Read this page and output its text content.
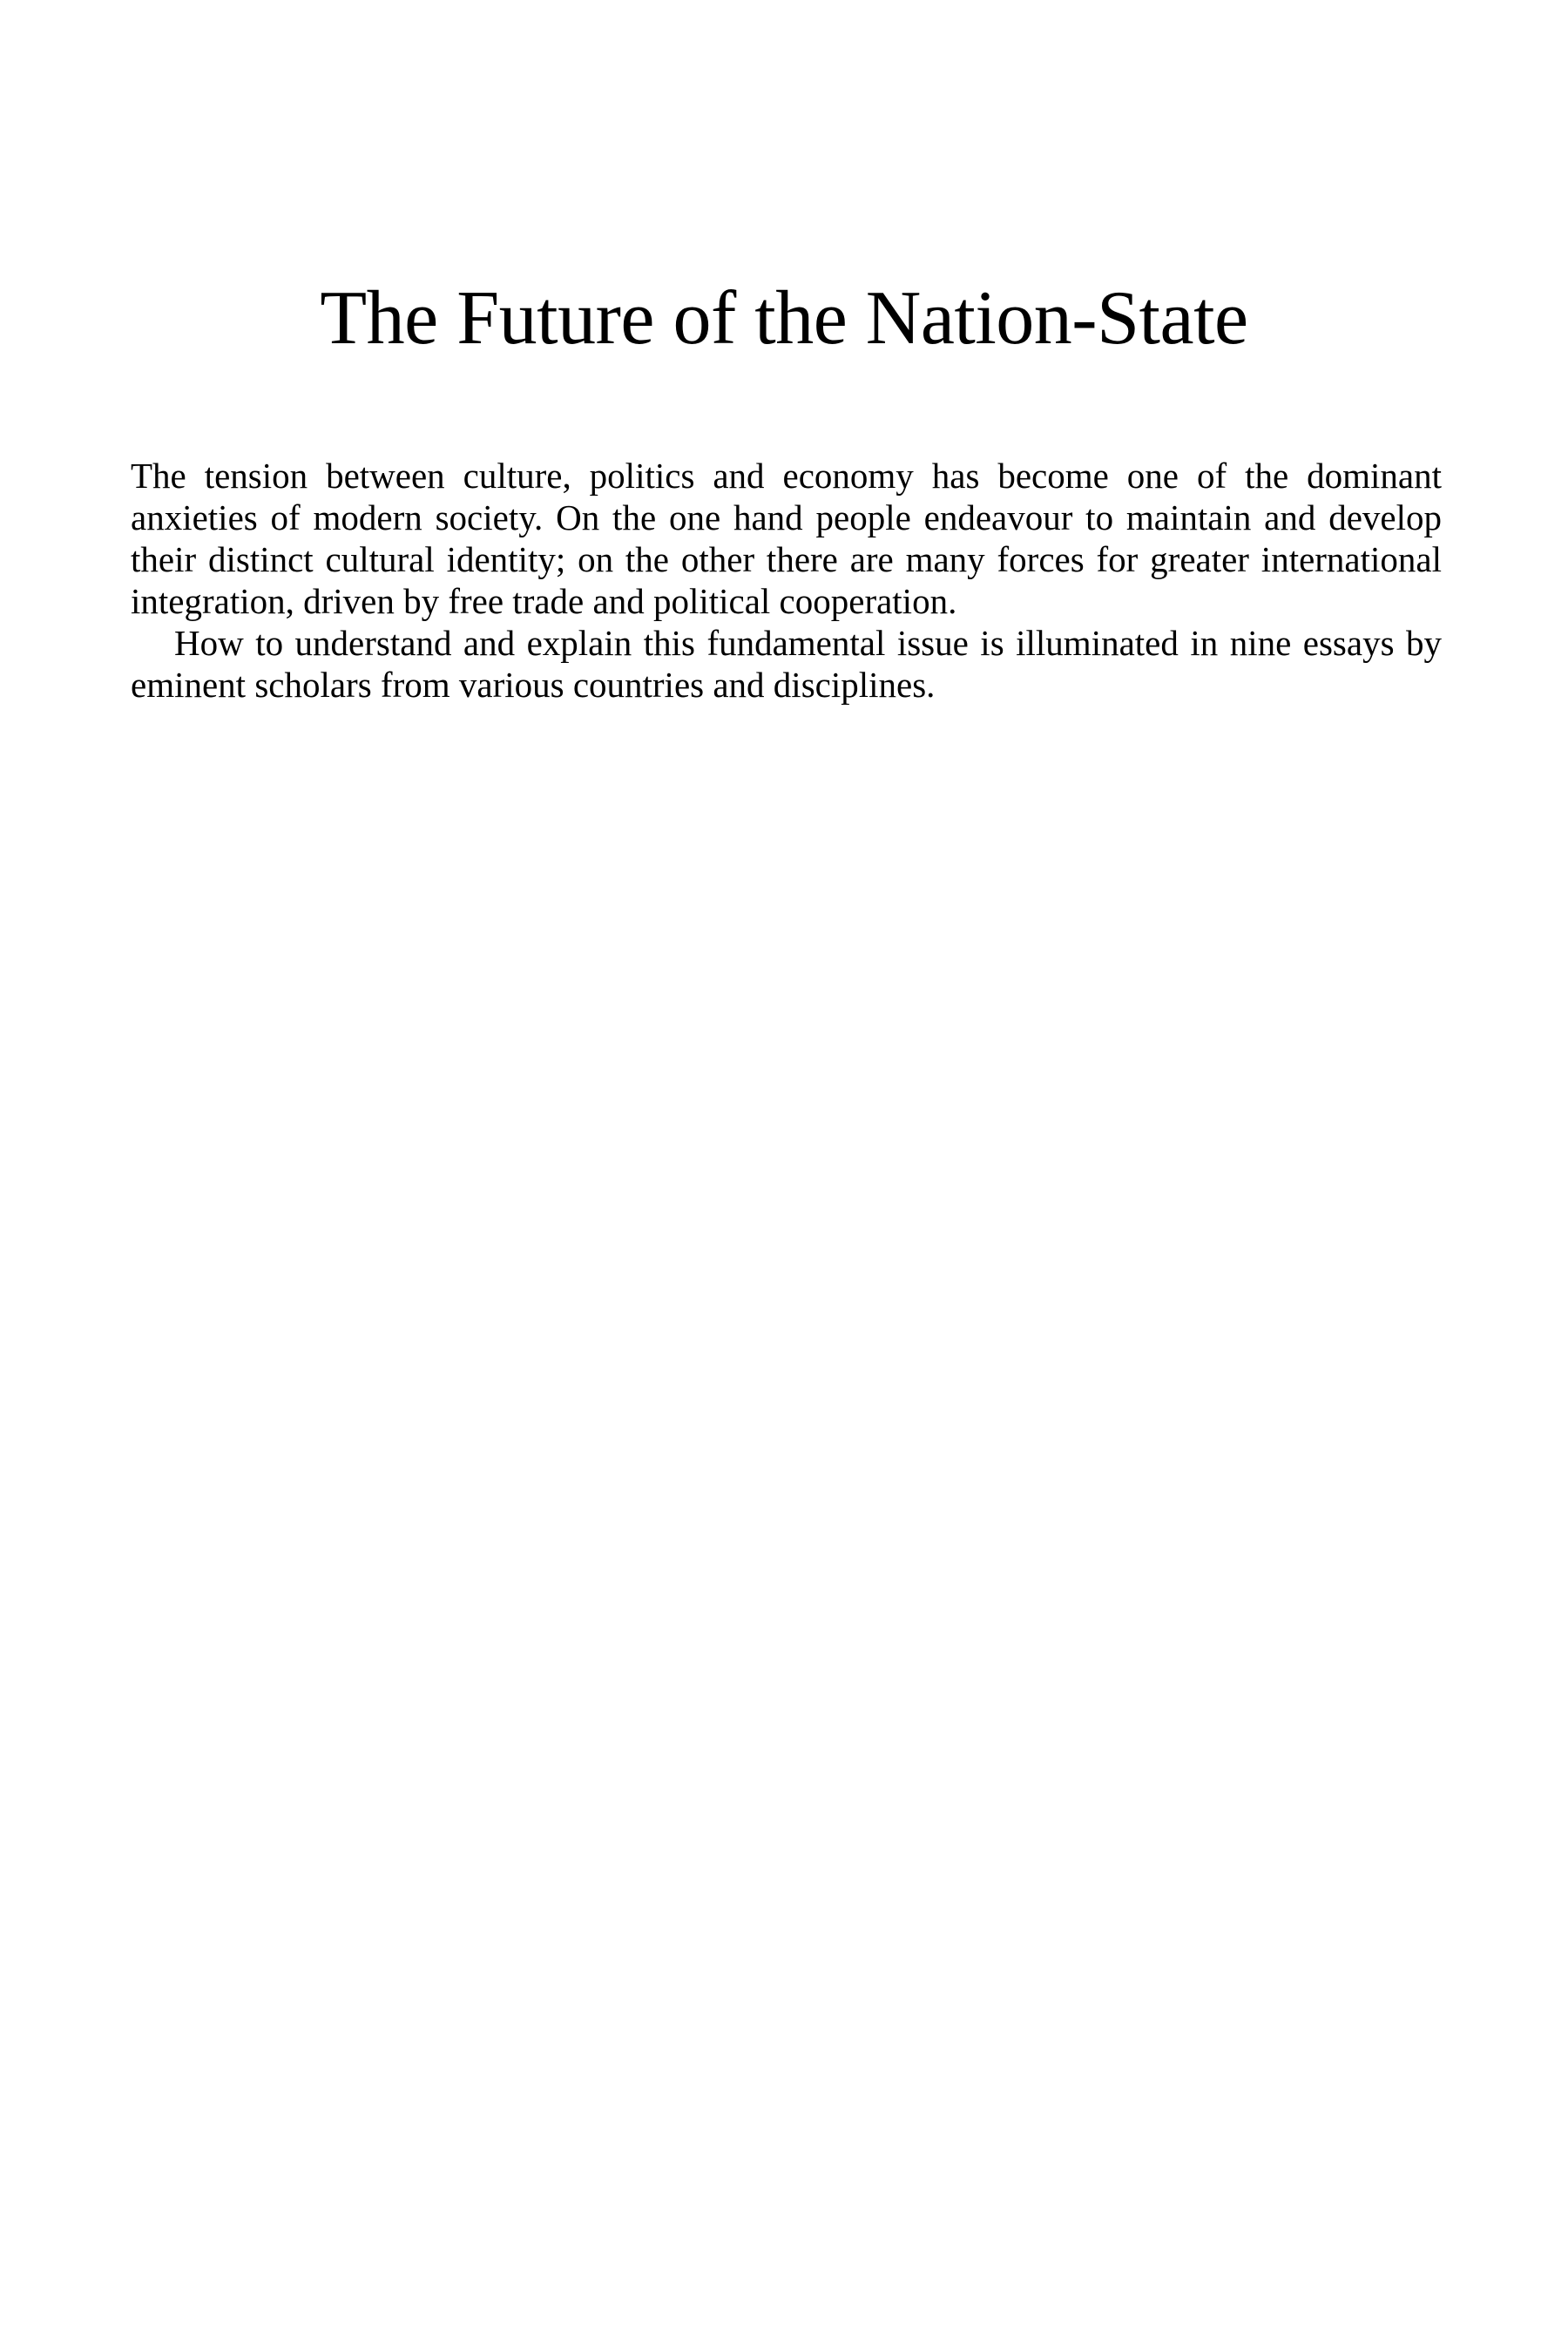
The Future of the Nation-State

The tension between culture, politics and economy has become one of the dominant anxieties of modern society. On the one hand people endeavour to maintain and develop their distinct cultural identity; on the other there are many forces for greater international integration, driven by free trade and political cooperation.

How to understand and explain this fundamental issue is illuminated in nine essays by eminent scholars from various countries and disciplines.
